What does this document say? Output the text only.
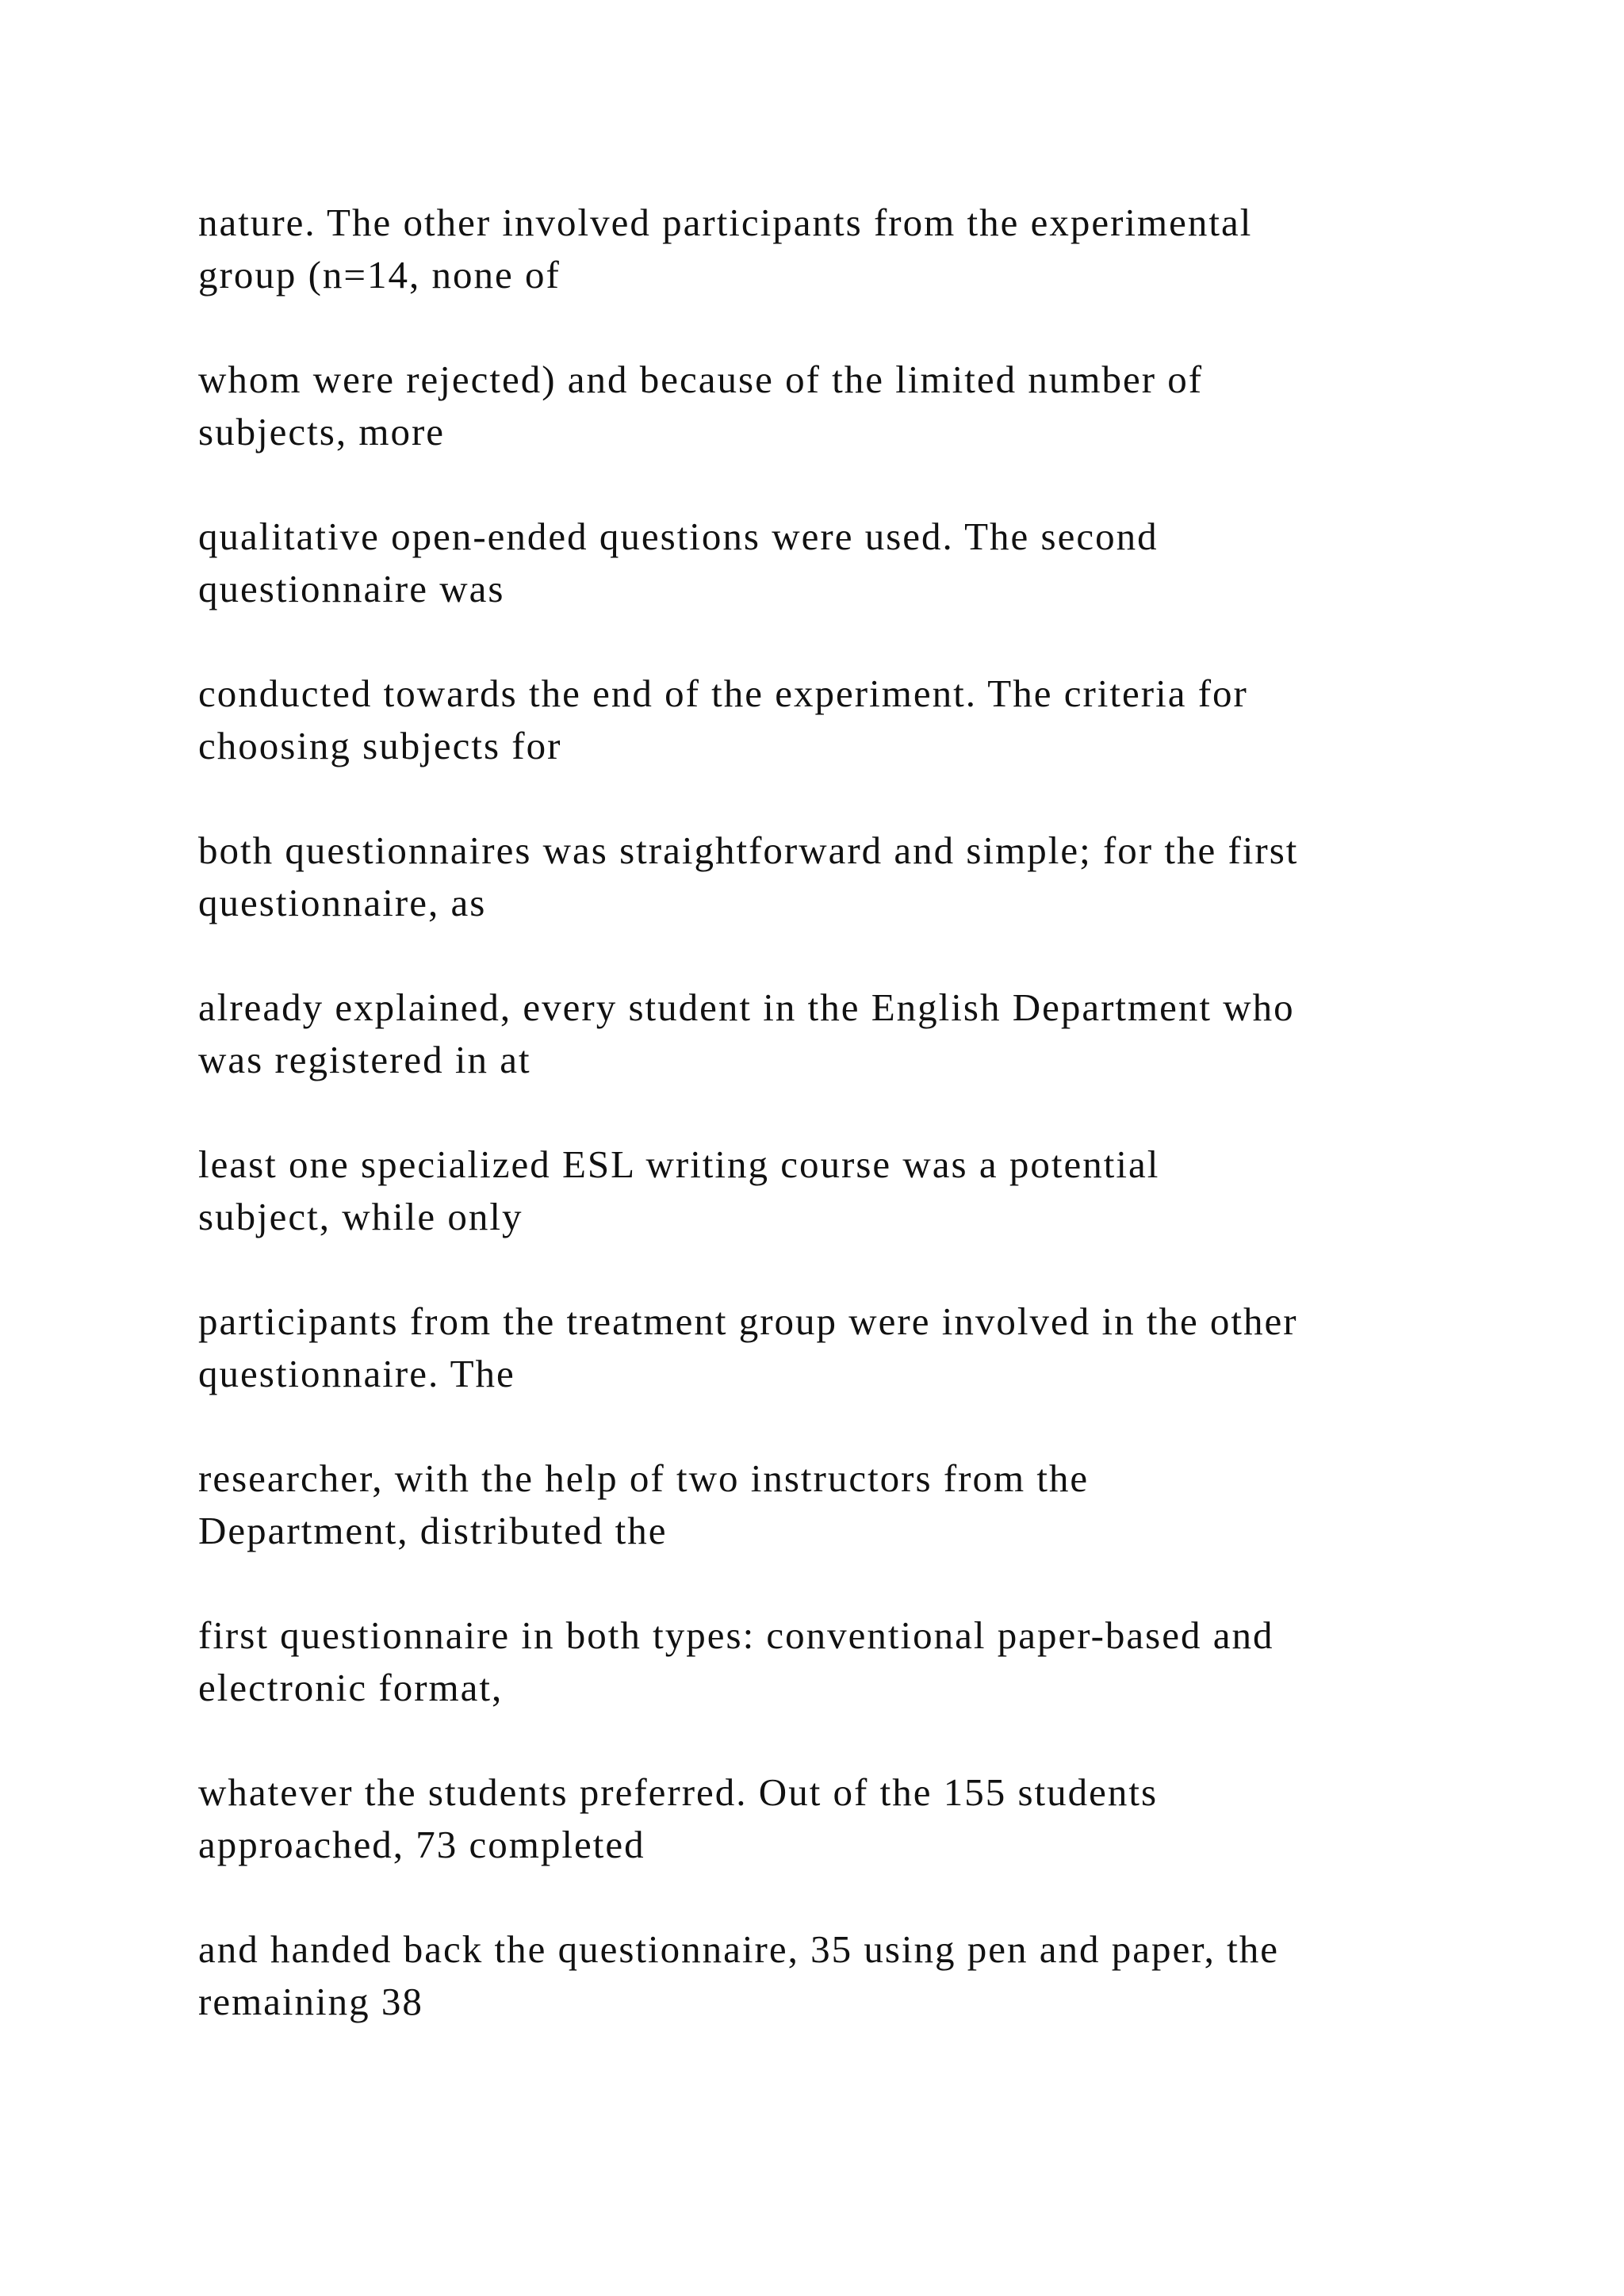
nature. The other involved participants from the experimental
group (n=14, none of

whom were rejected) and because of the limited number of
subjects, more

qualitative open-ended questions were used. The second
questionnaire was

conducted towards the end of the experiment. The criteria for
choosing subjects for

both questionnaires was straightforward and simple; for the first
questionnaire, as

already explained, every student in the English Department who
was registered in at

least one specialized ESL writing course was a potential
subject, while only

participants from the treatment group were involved in the other
questionnaire. The

researcher, with the help of two instructors from the
Department, distributed the

first questionnaire in both types: conventional paper-based and
electronic format,

whatever the students preferred. Out of the 155 students
approached, 73 completed

and handed back the questionnaire, 35 using pen and paper, the
remaining 38
